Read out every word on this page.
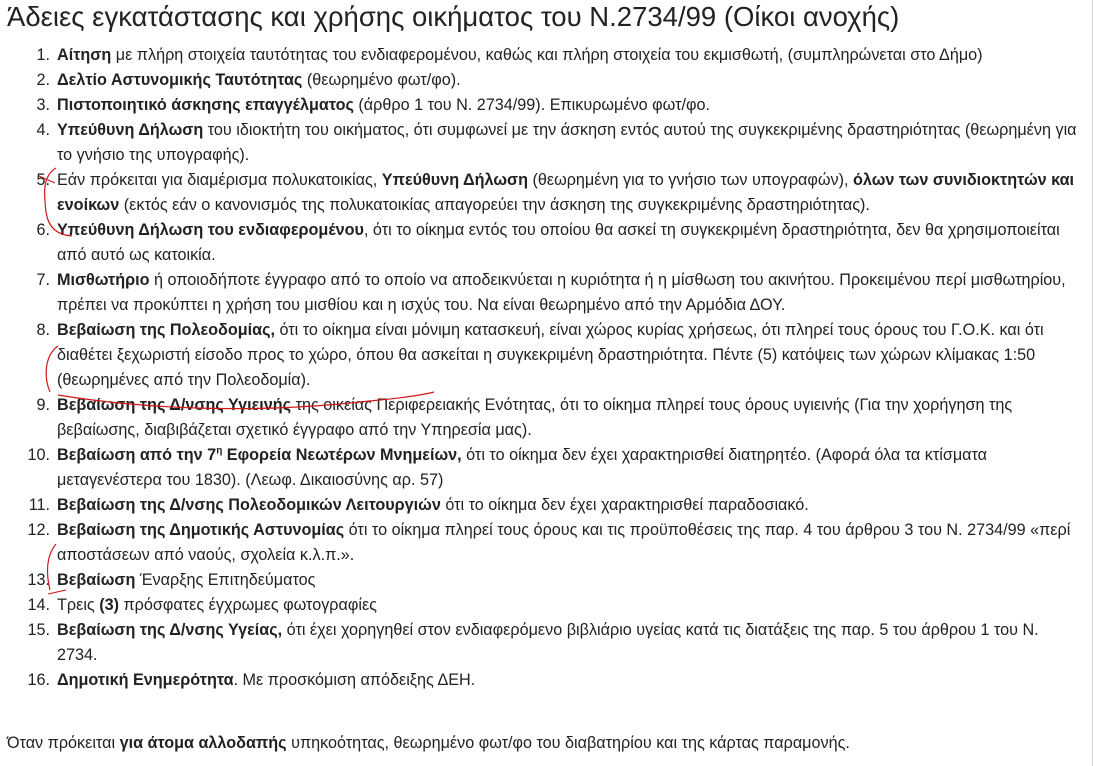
Άδειες εγκατάστασης και χρήσης οικήματος του Ν.2734/99 (Οίκοι ανοχής)
1. Αίτηση με πλήρη στοιχεία ταυτότητας του ενδιαφερομένου, καθώς και πλήρη στοιχεία του εκμισθωτή, (συμπληρώνεται στο Δήμο)
2. Δελτίο Αστυνομικής Ταυτότητας (θεωρημένο φωτ/φο).
3. Πιστοποιητικό άσκησης επαγγέλματος (άρθρο 1 του Ν. 2734/99). Επικυρωμένο φωτ/φο.
4. Υπεύθυνη Δήλωση του ιδιοκτήτη του οικήματος, ότι συμφωνεί με την άσκηση εντός αυτού της συγκεκριμένης δραστηριότητας (θεωρημένη για το γνήσιο της υπογραφής).
5. Εάν πρόκειται για διαμέρισμα πολυκατοικίας, Υπεύθυνη Δήλωση (θεωρημένη για το γνήσιο των υπογραφών), όλων των συνιδιοκτητών και ενοίκων (εκτός εάν ο κανονισμός της πολυκατοικίας απαγορεύει την άσκηση της συγκεκριμένης δραστηριότητας).
6. Υπεύθυνη Δήλωση του ενδιαφερομένου, ότι το οίκημα εντός του οποίου θα ασκεί τη συγκεκριμένη δραστηριότητα, δεν θα χρησιμοποιείται από αυτό ως κατοικία.
7. Μισθωτήριο ή οποιοδήποτε έγγραφο από το οποίο να αποδεικνύεται η κυριότητα ή η μίσθωση του ακινήτου. Προκειμένου περί μισθωτηρίου, πρέπει να προκύπτει η χρήση του μισθίου και η ισχύς του. Να είναι θεωρημένο από την Αρμόδια ΔΟΥ.
8. Βεβαίωση της Πολεοδομίας, ότι το οίκημα είναι μόνιμη κατασκευή, είναι χώρος κυρίας χρήσεως, ότι πληρεί τους όρους του Γ.Ο.Κ. και ότι διαθέτει ξεχωριστή είσοδο προς το χώρο, όπου θα ασκείται η συγκεκριμένη δραστηριότητα. Πέντε (5) κατόψεις των χώρων κλίμακας 1:50 (θεωρημένες από την Πολεοδομία).
9. Βεβαίωση της Δ/νσης Υγιεινής της οικείας Περιφερειακής Ενότητας, ότι το οίκημα πληρεί τους όρους υγιεινής (Για την χορήγηση της βεβαίωσης, διαβιβάζεται σχετικό έγγραφο από την Υπηρεσία μας).
10. Βεβαίωση από την $7^\eta$ Εφορεία Νεωτέρων Μνημείων, ότι το οίκημα δεν έχει χαρακτηρισθεί διατηρητέο. (Αφορά όλα τα κτίσματα μεταγενέστερα του 1830). (Λεωφ. Δικαιοσύνης αρ. 57)
11. Βεβαίωση της Δ/νσης Πολεοδομικών Λειτουργιών ότι το οίκημα δεν έχει χαρακτηρισθεί παραδοσιακό.
12. Βεβαίωση της Δημοτικής Αστυνομίας ότι το οίκημα πληρεί τους όρους και τις προϋποθέσεις της παρ. 4 του άρθρου 3 του Ν. 2734/99 «περί αποστάσεων από ναούς, σχολεία κ.λ.π.».
13. Βεβαίωση Έναρξης Επιτηδεύματος
14. Τρεις (3) πρόσφατες έγχρωμες φωτογραφίες
15. Βεβαίωση της Δ/νσης Υγείας, ότι έχει χορηγηθεί στον ενδιαφερόμενο βιβλιάριο υγείας κατά τις διατάξεις της παρ. 5 του άρθρου 1 του Ν. 2734.
16. Δημοτική Ενημερότητα. Με προσκόμιση απόδειξης ΔΕΗ.
Όταν πρόκειται για άτομα αλλοδαπής υπηκοότητας, θεωρημένο φωτ/φο του διαβατηρίου και της κάρτας παραμονής.
